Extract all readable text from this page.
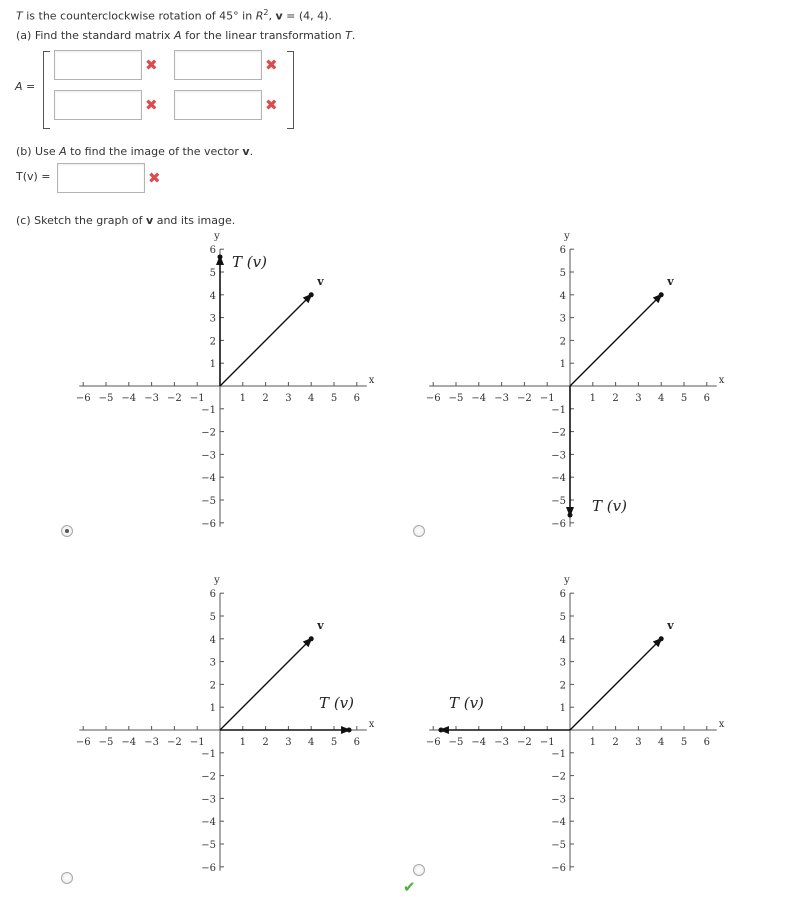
T is the counterclockwise rotation of 45° in $R^2$, v = (4, 4).
(a) Find the standard matrix A for the linear transformation T.
A =
✖	✖
✖	✖
(b) Use A to find the image of the vector v.
T(v) =	✖
(c) Sketch the graph of v and its image.
−6 −5 −4 −3 −2 −1	1 2 3 4 5 6
−6
−5
−4
−3
−2
−1
1
2
3
4
5
6
x
y
v
T (v)
−6 −5 −4 −3 −2 −1	1 2 3 4 5 6
−6
−5
−4
−3
−2
−1
1
2
3
4
5
6
x
y
v
T (v)
−6 −5 −4 −3 −2 −1	1 2 3 4 5 6
−6
−5
−4
−3
−2
−1
1
2
3
4
5
6
x
y
v
T (v)
−6 −5 −4 −3 −2 −1	1 2 3 4 5 6
−6
−5
−4
−3
−2
−1
1
2
3
4
5
6
x
y
v
T (v)
✔
